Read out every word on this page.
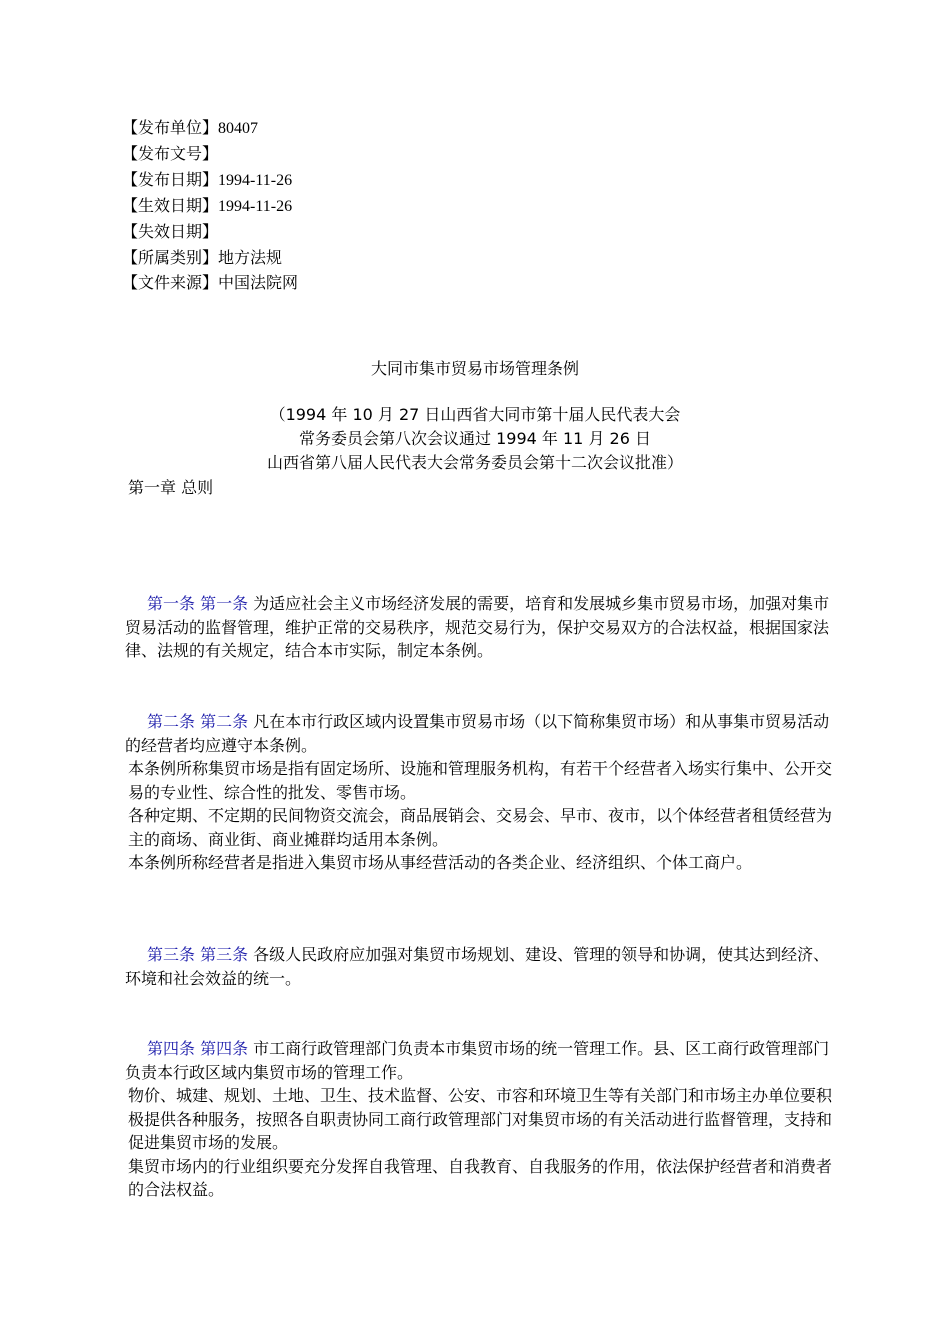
【发布单位】80407
【发布文号】
【发布日期】1994-11-26
【生效日期】1994-11-26
【失效日期】
【所属类别】地方法规
【文件来源】中国法院网
大同市集市贸易市场管理条例
（1994 年 10 月 27 日山西省大同市第十届人民代表大会
常务委员会第八次会议通过 1994 年 11 月 26 日
山西省第八届人民代表大会常务委员会第十二次会议批准）
第一章 总则

第一条 第一条 为适应社会主义市场经济发展的需要，培育和发展城乡集市贸易市场，加强对集市贸易活动的监督管理，维护正常的交易秩序，规范交易行为，保护交易双方的合法权益，根据国家法律、法规的有关规定，结合本市实际，制定本条例。

第二条 第二条 凡在本市行政区域内设置集市贸易市场（以下简称集贸市场）和从事集市贸易活动的经营者均应遵守本条例。

本条例所称集贸市场是指有固定场所、设施和管理服务机构，有若干个经营者入场实行集中、公开交易的专业性、综合性的批发、零售市场。

各种定期、不定期的民间物资交流会，商品展销会、交易会、早市、夜市，以个体经营者租赁经营为主的商场、商业街、商业摊群均适用本条例。

本条例所称经营者是指进入集贸市场从事经营活动的各类企业、经济组织、个体工商户。

第三条 第三条 各级人民政府应加强对集贸市场规划、建设、管理的领导和协调，使其达到经济、环境和社会效益的统一。

第四条 第四条 市工商行政管理部门负责本市集贸市场的统一管理工作。县、区工商行政管理部门负责本行政区域内集贸市场的管理工作。

物价、城建、规划、土地、卫生、技术监督、公安、市容和环境卫生等有关部门和市场主办单位要积极提供各种服务，按照各自职责协同工商行政管理部门对集贸市场的有关活动进行监督管理，支持和促进集贸市场的发展。

集贸市场内的行业组织要充分发挥自我管理、自我教育、自我服务的作用，依法保护经营者和消费者的合法权益。
